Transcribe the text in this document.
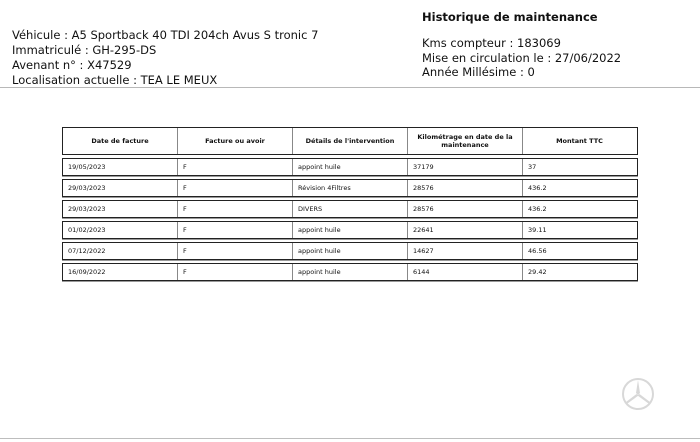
Véhicule : A5 Sportback 40 TDI 204ch Avus S tronic 7
Immatriculé : GH-295-DS
Avenant n° : X47529
Localisation actuelle : TEA LE MEUX
Historique de maintenance
Kms compteur : 183069
Mise en circulation le : 27/06/2022
Année Millésime : 0
Date de facture	Facture ou avoir	Détails de l'intervention	Kilométrage en date de la maintenance	Montant TTC
19/05/2023	F	appoint huile	37179	37
29/03/2023	F	Révision 4Filtres	28576	436.2
29/03/2023	F	DIVERS	28576	436.2
01/02/2023	F	appoint huile	22641	39.11
07/12/2022	F	appoint huile	14627	46.56
16/09/2022	F	appoint huile	6144	29.42
